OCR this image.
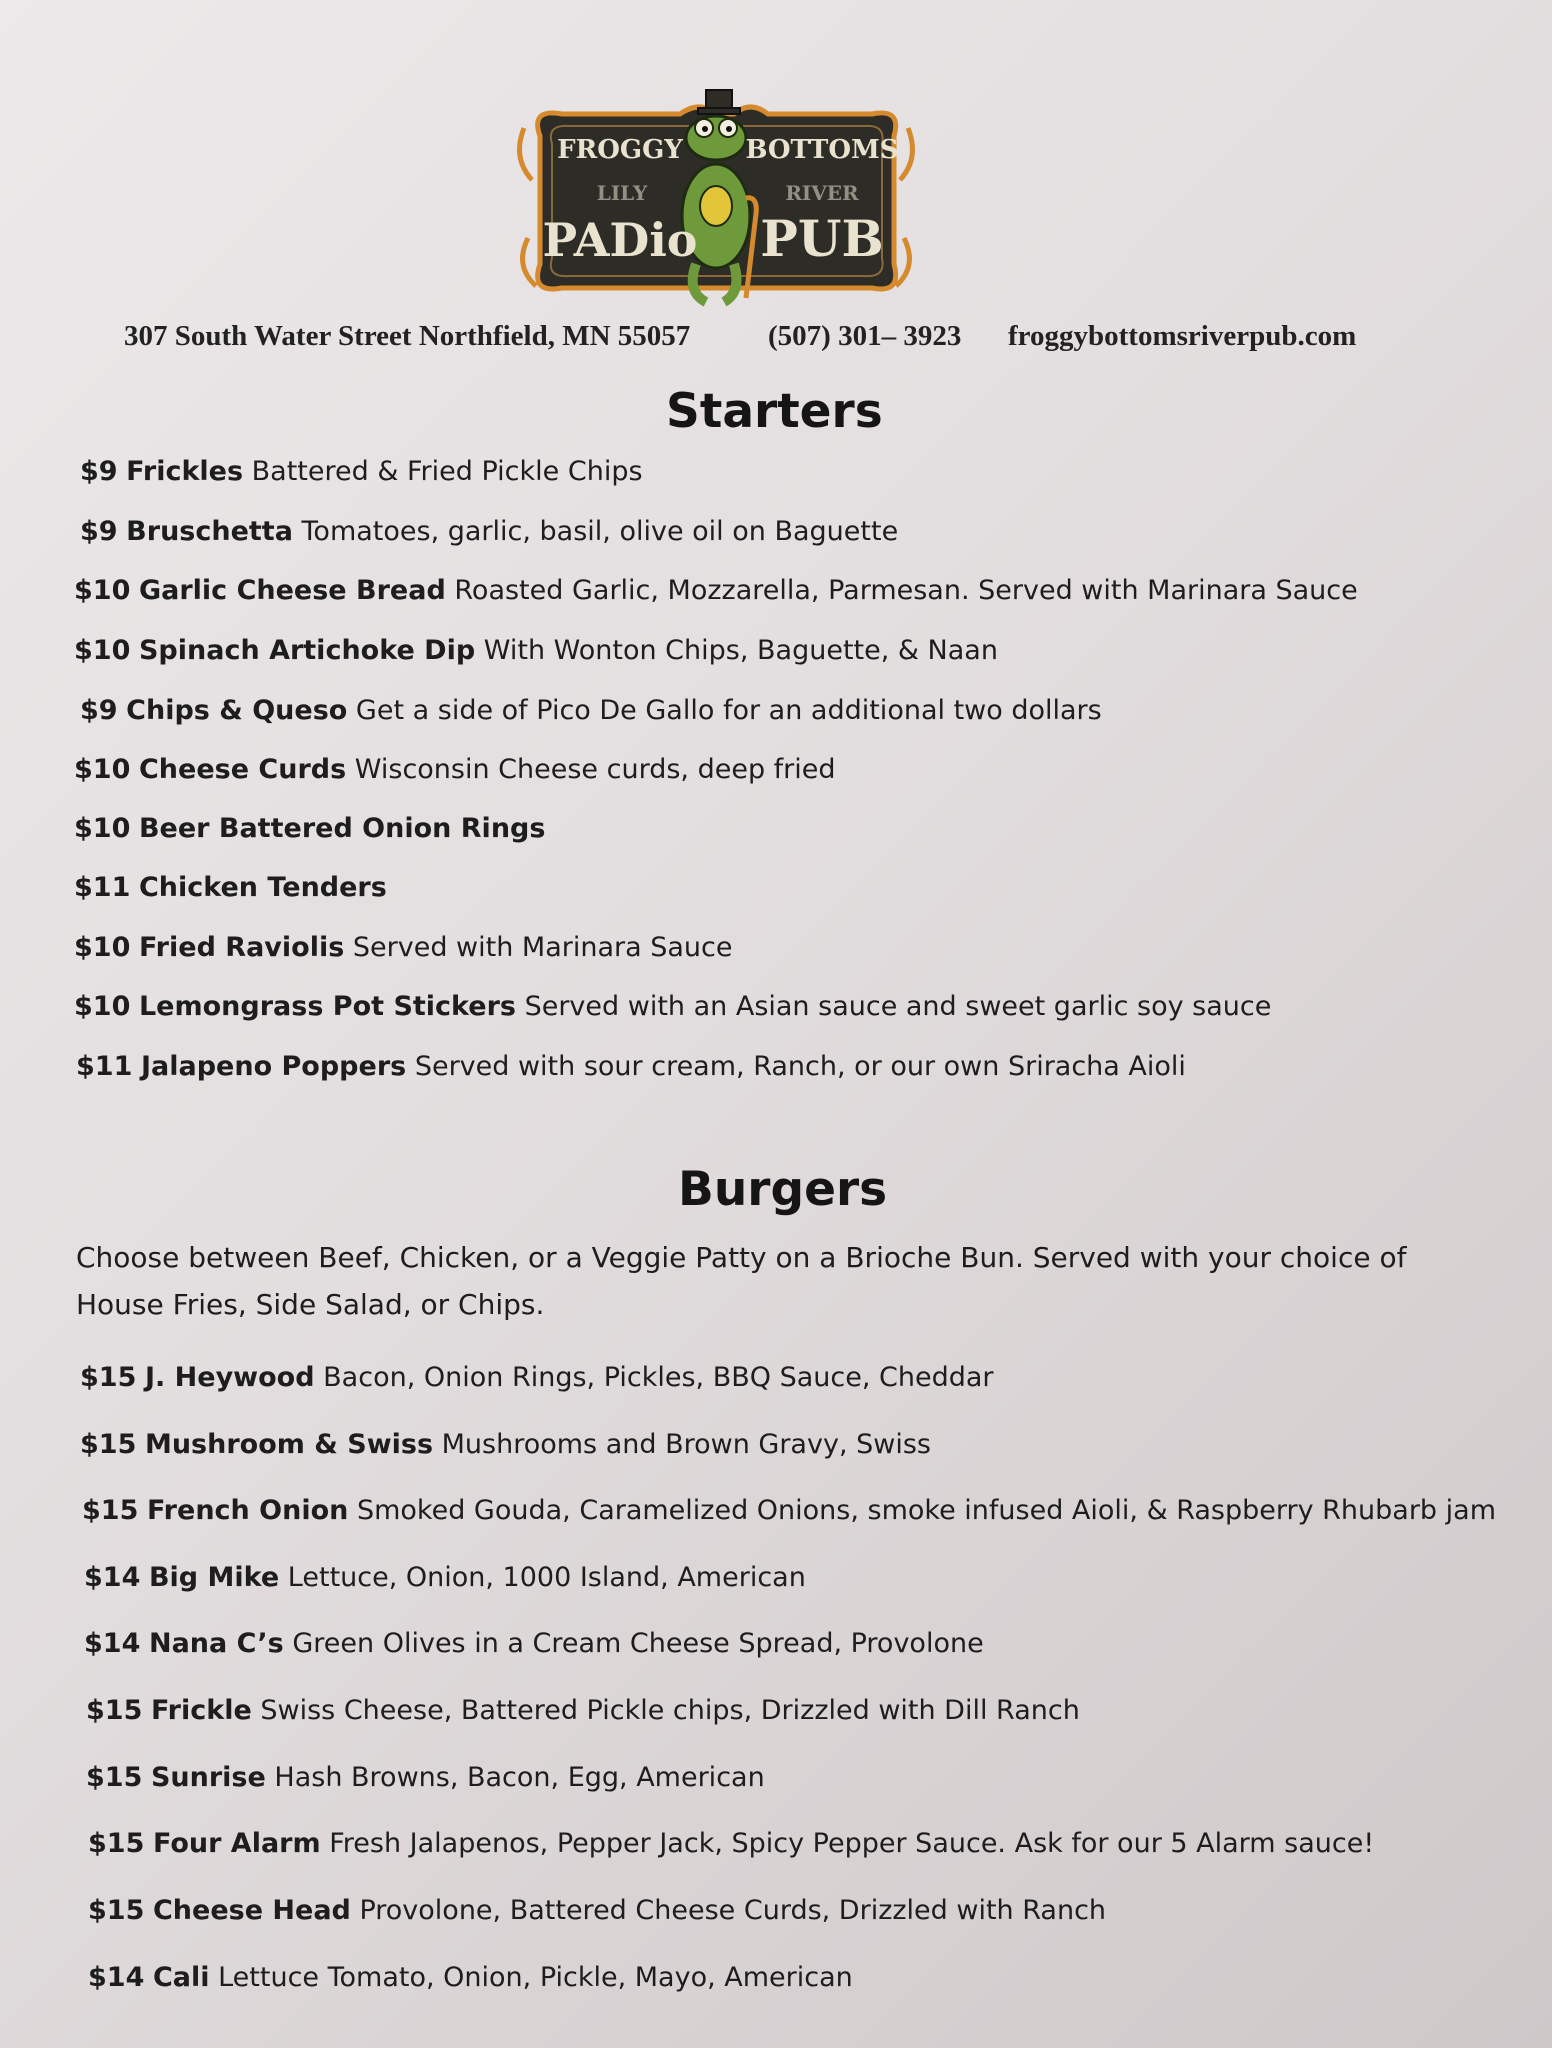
FROGGY BOTTOMS
LILY	RIVER
PADio PUB
307 South Water Street Northfield, MN 55057	(507) 301– 3923 froggybottomsriverpub.com
Starters
$9 Frickles Battered & Fried Pickle Chips
$9 Bruschetta Tomatoes, garlic, basil, olive oil on Baguette
$10 Garlic Cheese Bread Roasted Garlic, Mozzarella, Parmesan. Served with Marinara Sauce
$10 Spinach Artichoke Dip With Wonton Chips, Baguette, & Naan
$9 Chips & Queso Get a side of Pico De Gallo for an additional two dollars
$10 Cheese Curds Wisconsin Cheese curds, deep fried
$10 Beer Battered Onion Rings
$11 Chicken Tenders
$10 Fried Raviolis Served with Marinara Sauce
$10 Lemongrass Pot Stickers Served with an Asian sauce and sweet garlic soy sauce
$11 Jalapeno Poppers Served with sour cream, Ranch, or our own Sriracha Aioli
Burgers
Choose between Beef, Chicken, or a Veggie Patty on a Brioche Bun. Served with your choice of House Fries, Side Salad, or Chips.
$15 J. Heywood Bacon, Onion Rings, Pickles, BBQ Sauce, Cheddar
$15 Mushroom & Swiss Mushrooms and Brown Gravy, Swiss
$15 French Onion Smoked Gouda, Caramelized Onions, smoke infused Aioli, & Raspberry Rhubarb jam
$14 Big Mike Lettuce, Onion, 1000 Island, American
$14 Nana C’s Green Olives in a Cream Cheese Spread, Provolone
$15 Frickle Swiss Cheese, Battered Pickle chips, Drizzled with Dill Ranch
$15 Sunrise Hash Browns, Bacon, Egg, American
$15 Four Alarm Fresh Jalapenos, Pepper Jack, Spicy Pepper Sauce. Ask for our 5 Alarm sauce!
$15 Cheese Head Provolone, Battered Cheese Curds, Drizzled with Ranch
$14 Cali Lettuce Tomato, Onion, Pickle, Mayo, American
